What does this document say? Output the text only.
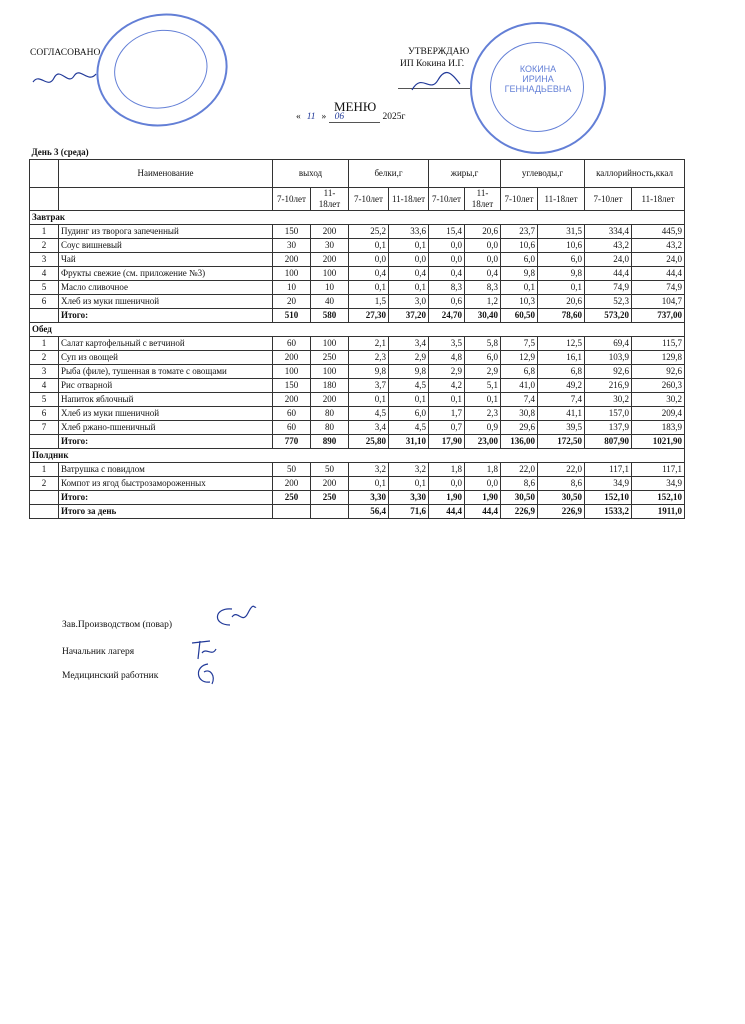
СОГЛАСОВАНО	УТВЕРЖДАЮ
ИП Кокина И.Г.	КОКИНА
ИРИНА
ГЕННАДЬЕВНА
МЕНЮ
« 11 » 06	2025г
День 3 (среда)											
	Наименование	выход		белки,г		жиры,г		углеводы,г		каллорийность,ккал	
		7-10лет	11-18лет	7-10лет	11-18лет	7-10лет	11-18лет	7-10лет	11-18лет	7-10лет	11-18лет
Завтрак											
1	Пудинг из творога запеченный	150	200	25,2	33,6	15,4	20,6	23,7	31,5	334,4	445,9
2	Соус вишневый	30	30	0,1	0,1	0,0	0,0	10,6	10,6	43,2	43,2
3	Чай	200	200	0,0	0,0	0,0	0,0	6,0	6,0	24,0	24,0
4	Фрукты свежие (см. приложение №3)	100	100	0,4	0,4	0,4	0,4	9,8	9,8	44,4	44,4
5	Масло сливочное	10	10	0,1	0,1	8,3	8,3	0,1	0,1	74,9	74,9
6	Хлеб из муки пшеничной	20	40	1,5	3,0	0,6	1,2	10,3	20,6	52,3	104,7
	Итого:	510	580	27,30	37,20	24,70	30,40	60,50	78,60	573,20	737,00
Обед											
1	Салат картофельный с ветчиной	60	100	2,1	3,4	3,5	5,8	7,5	12,5	69,4	115,7
2	Суп из овощей	200	250	2,3	2,9	4,8	6,0	12,9	16,1	103,9	129,8
3	Рыба (филе), тушенная в томате с овощами	100	100	9,8	9,8	2,9	2,9	6,8	6,8	92,6	92,6
4	Рис отварной	150	180	3,7	4,5	4,2	5,1	41,0	49,2	216,9	260,3
5	Напиток яблочный	200	200	0,1	0,1	0,1	0,1	7,4	7,4	30,2	30,2
6	Хлеб из муки пшеничной	60	80	4,5	6,0	1,7	2,3	30,8	41,1	157,0	209,4
7	Хлеб ржано-пшеничный	60	80	3,4	4,5	0,7	0,9	29,6	39,5	137,9	183,9
	Итого:	770	890	25,80	31,10	17,90	23,00	136,00	172,50	807,90	1021,90
Полдник											
1	Ватрушка с повидлом	50	50	3,2	3,2	1,8	1,8	22,0	22,0	117,1	117,1
2	Компот из ягод быстрозамороженных	200	200	0,1	0,1	0,0	0,0	8,6	8,6	34,9	34,9
	Итого:	250	250	3,30	3,30	1,90	1,90	30,50	30,50	152,10	152,10
	Итого за день			56,4	71,6	44,4	44,4	226,9	226,9	1533,2	1911,0
Зав.Производством (повар)
Начальник лагеря
Медицинский работник
